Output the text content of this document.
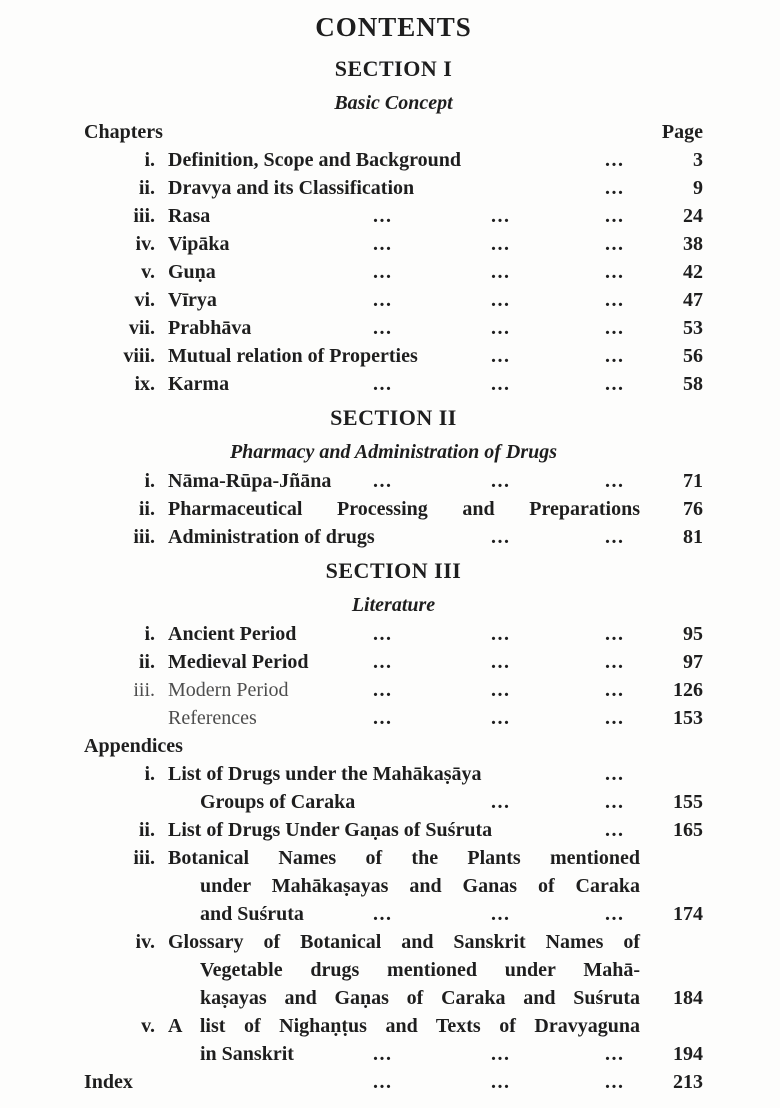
CONTENTS
SECTION I
Basic Concept
Chapters	Page
i. Definition, Scope and Background	...	3
ii. Dravya and its Classification	...	9
iii. Rasa	...	...	...	24
iv. Vipāka	...	...	...	38
v. Guṇa	...	...	...	42
vi. Vīrya	...	...	...	47
vii. Prabhāva	...	...	...	53
viii. Mutual relation of Properties	...	...	56
ix. Karma	...	...	...	58
SECTION II
Pharmacy and Administration of Drugs
i. Nāma-Rūpa-Jñāna ...	...	...	71
ii. Pharmaceutical Processing and Preparations	76
iii. Administration of drugs	...	...	81
SECTION III
Literature
i. Ancient Period	...	...	...	95
ii. Medieval Period	...	...	...	97
iii. Modern Period	...	...	...	126
References	...	...	...	153
Appendices
i. List of Drugs under the Mahākaṣāya	...
Groups of Caraka	...	...	155
ii. List of Drugs Under Gaṇas of Suśruta	...	165
iii. Botanical Names of the Plants mentioned
under Mahākaṣayas and Ganas of Caraka
and Suśruta	...	...	...	174
iv. Glossary of Botanical and Sanskrit Names of
Vegetable drugs mentioned under Mahā-
kaṣayas and Gaṇas of Caraka and Suśruta	184
v. A list of Nighaṇṭus and Texts of Dravyaguna
in Sanskrit	...	...	...	194
Index	...	...	...	213
